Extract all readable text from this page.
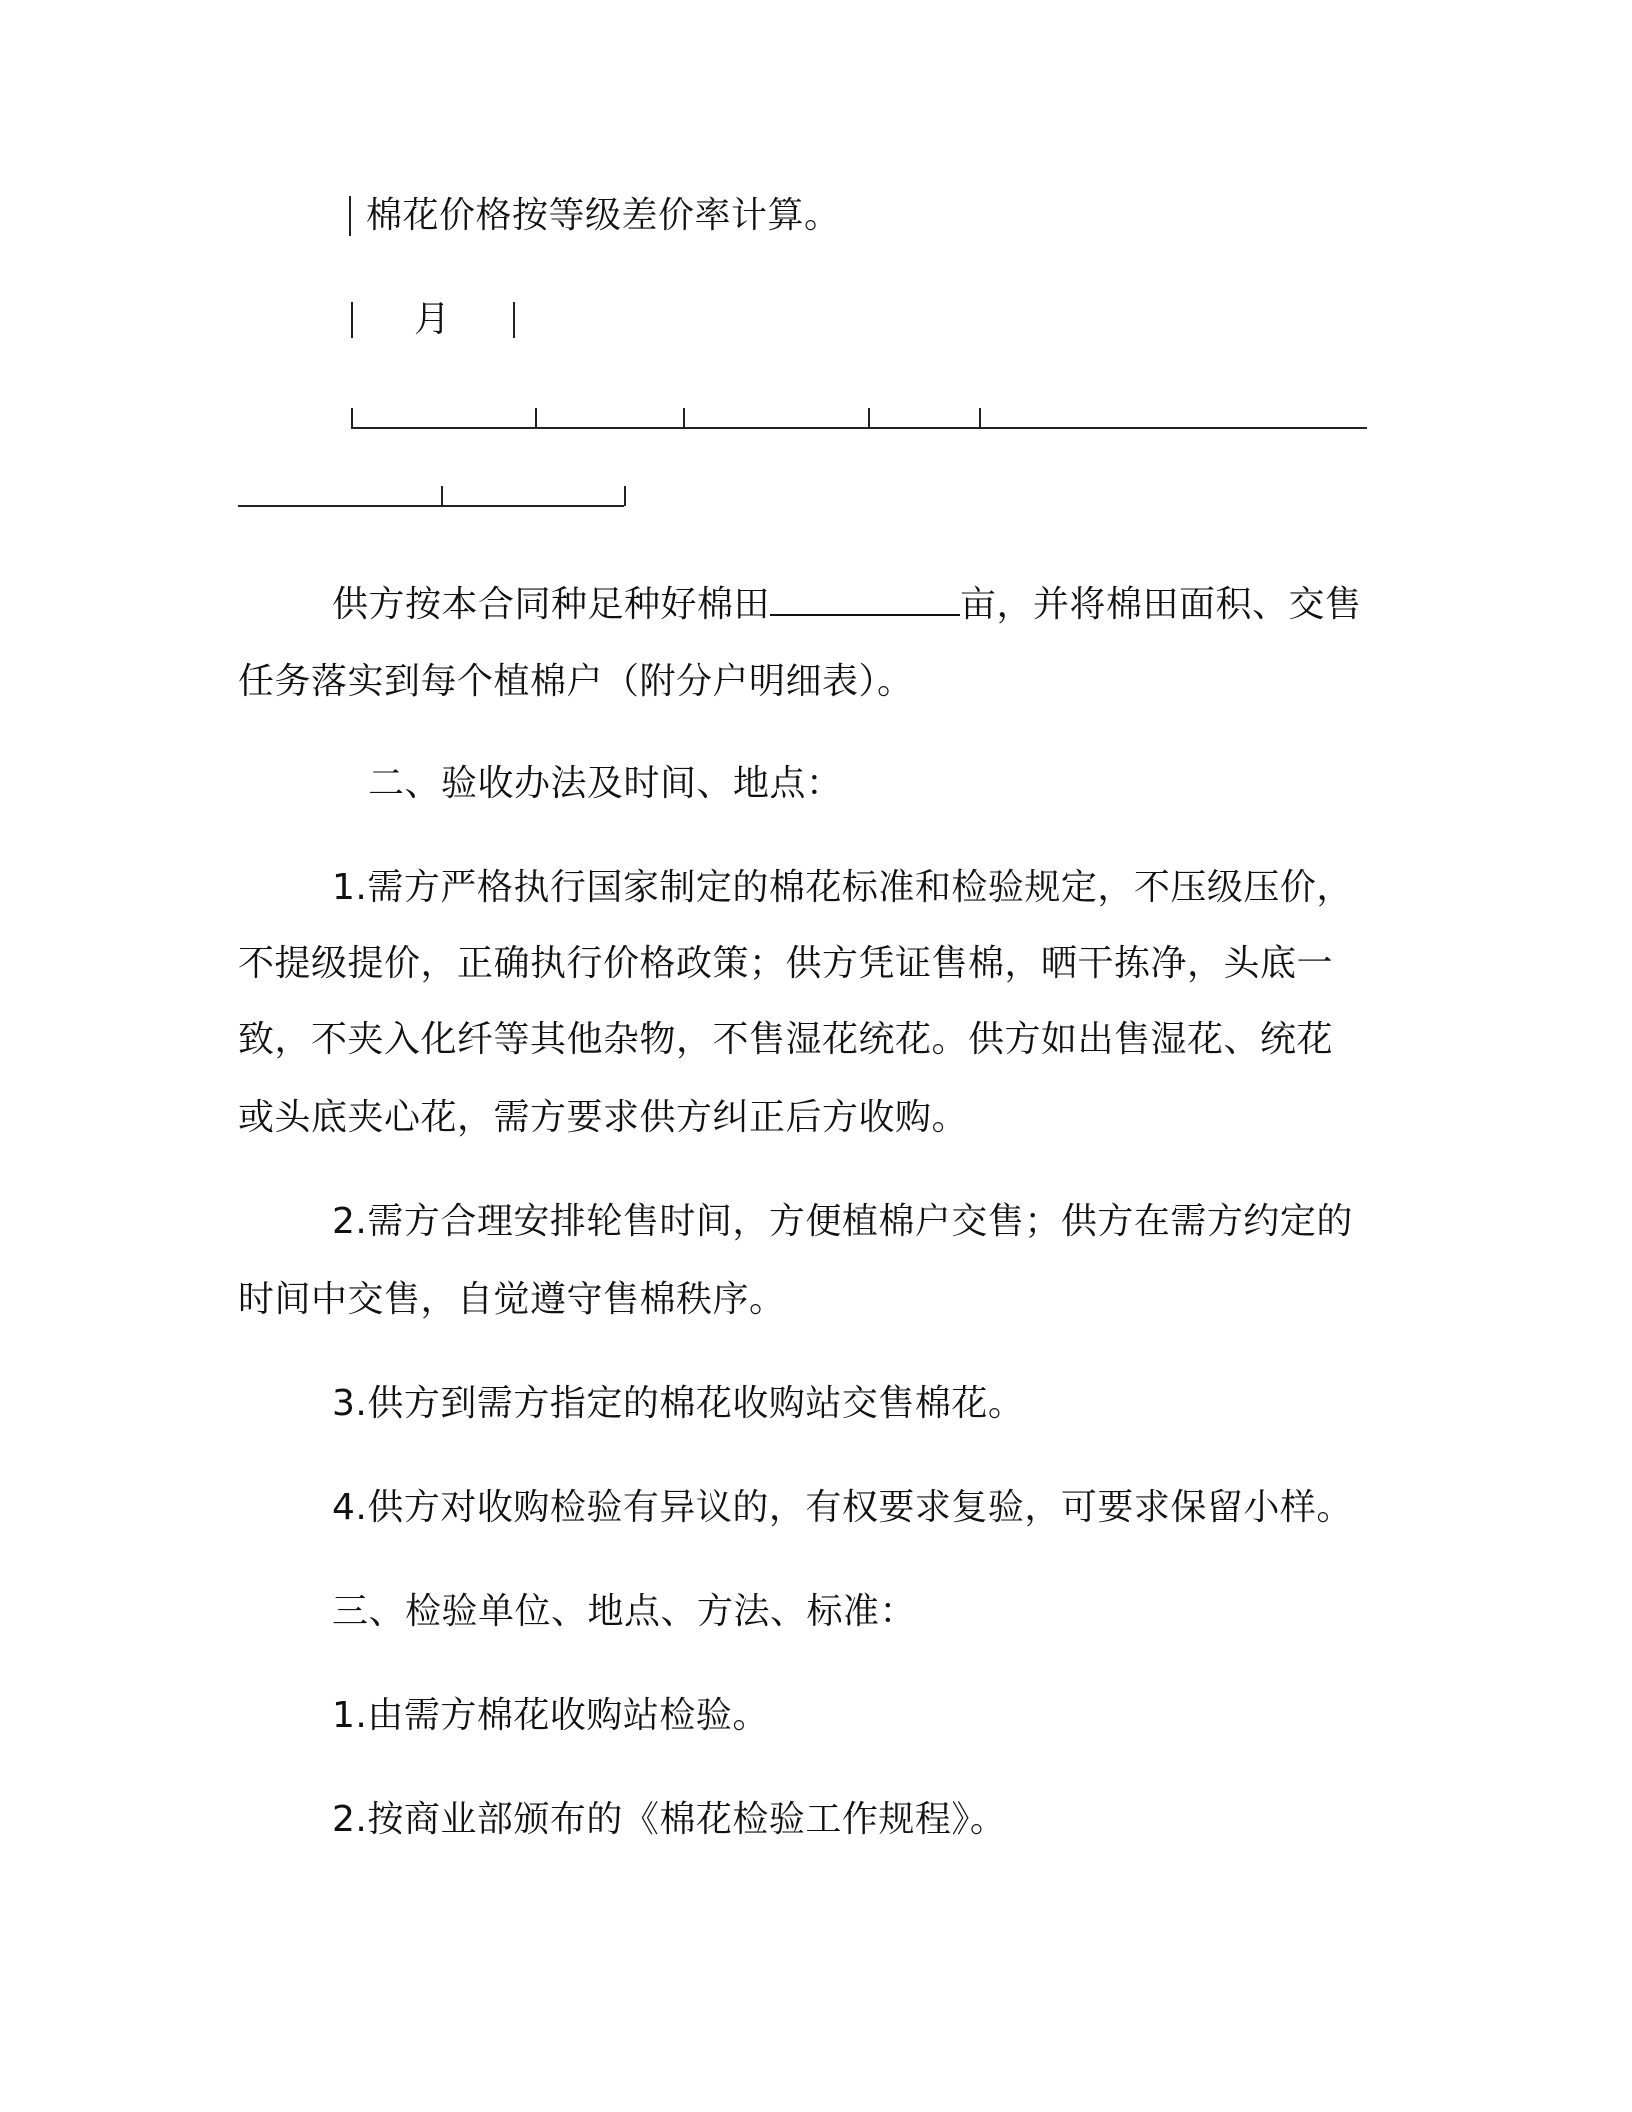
棉花价格按等级差价率计算。
月
供方按本合同种足种好棉田	亩，并将棉田面积、交售
任务落实到每个植棉户（附分户明细表）。
二、验收办法及时间、地点：
1.需方严格执行国家制定的棉花标准和检验规定，不压级压价，
不提级提价，正确执行价格政策；供方凭证售棉，晒干拣净，头底一
致，不夹入化纤等其他杂物，不售湿花统花。供方如出售湿花、统花
或头底夹心花，需方要求供方纠正后方收购。
2.需方合理安排轮售时间，方便植棉户交售；供方在需方约定的
时间中交售，自觉遵守售棉秩序。
3.供方到需方指定的棉花收购站交售棉花。
4.供方对收购检验有异议的，有权要求复验，可要求保留小样。
三、检验单位、地点、方法、标准：
1.由需方棉花收购站检验。
2.按商业部颁布的《棉花检验工作规程》。
